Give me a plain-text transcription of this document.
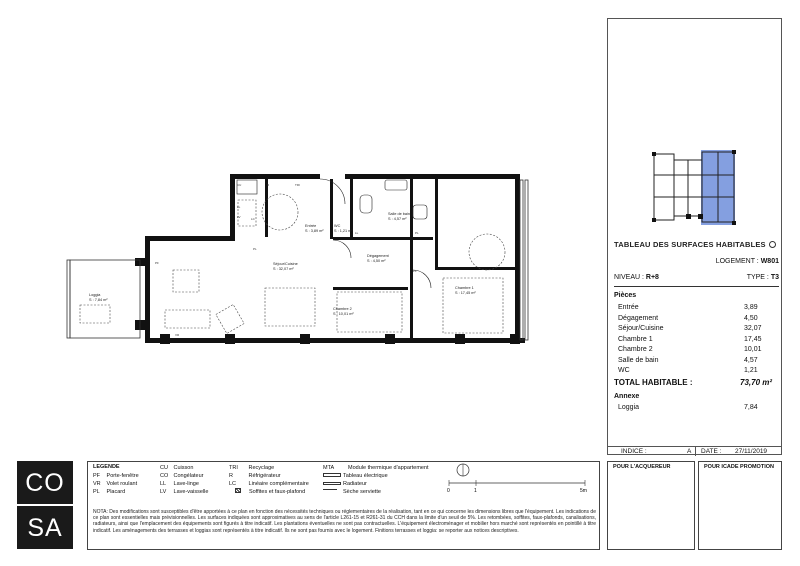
Entrée
S : 3,89 m²
WC
S : 1,21 m²
Salle de bain
S : 4,57 m²
Séjour/Cuisine
S : 32,07 m²
Dégagement
S : 4,50 m²
Chambre 1
S : 17,45 m²
Chambre 2
S : 10,01 m²
Loggia
S : 7,84 m²
CU	R
LL
LV
PL
PF
VR
TRI
LC
PL
LL
PL
TABLEAU DES SURFACES HABITABLES
LOGEMENT : W801
NIVEAU : R+8	TYPE : T3
Pièces
Entrée	3,89
Dégagement	4,50
Séjour/Cuisine	32,07
Chambre 1	17,45
Chambre 2	10,01
Salle de bain	4,57
WC	1,21
TOTAL HABITABLE :	73,70 m²
Annexe
Loggia	7,84
INDICE :	A DATE : 27/11/2019
CO
SA
LEGENDE
PF Porte-fenêtre
VR Volet roulant
PL Placard
CU Cuisson
CO Congélateur
LL Lave-linge
LV Lave-vaisselle
TRI Recyclage
R	Réfrigérateur
LC Linéaire complémentaire
Soffites et faux-plafond
MTA	Module thermique d'appartement
Tableau électrique
Radiateur
Sèche serviette	0	1	5m
NOTA: Des modifications sont susceptibles d'être apportées à ce plan en fonction des nécessités techniques ou réglementaires de la réalisation, tant en ce qui concerne les dimensions libres que l'équipement. Les indications de ce plan sont essentielles mais prévisionnelles. Les surfaces indiquées sont approximatives au sens de l'article L261-15 et R261-31 du CCH dans la limite d'un seuil de 5%. Les retombées, soffites, faux-plafonds, canalisations, radiateurs, ainsi que l'emplacement des équipements sont figurés à titre indicatif. Les plantations éventuelles ne sont pas contractuelles. L'équipement électroménager et mobilier hors marché sont représentés en pointillé à titre indicatif. Les aménagements des terrasses et loggias sont représentés à titre indicatif. Ils ne sont pas fournis avec le logement. Finitions terrasses et loggia: se reporter aux notices descriptives.
POUR L'ACQUEREUR	POUR ICADE PROMOTION
